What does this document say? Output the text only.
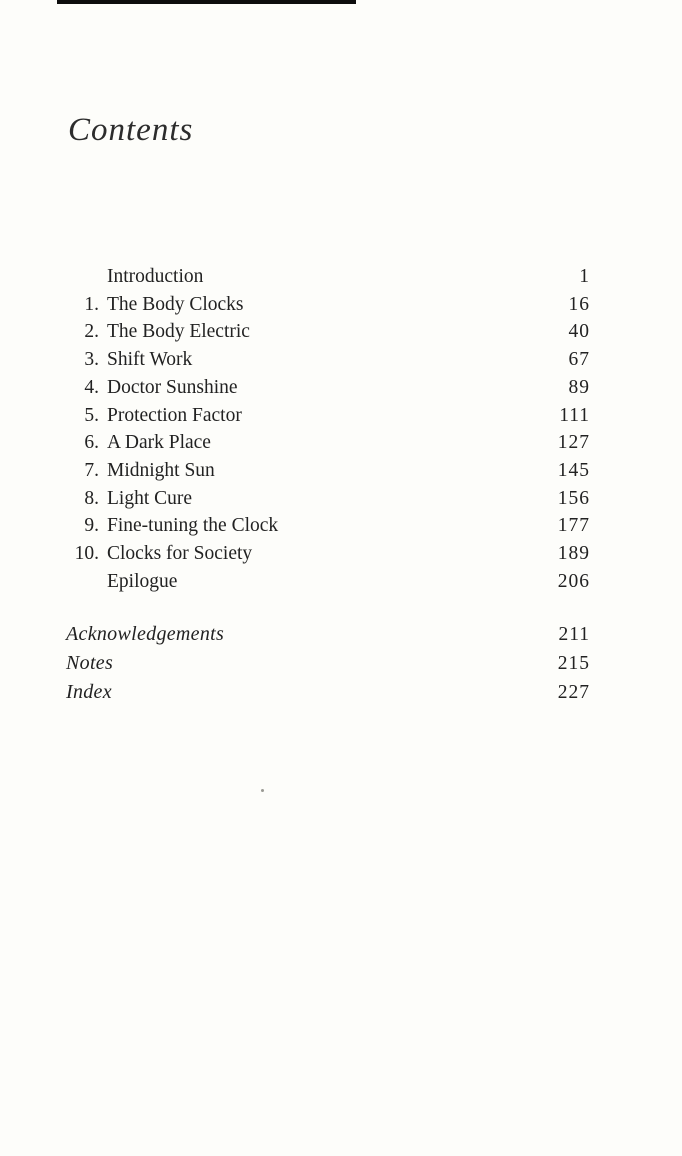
Contents
Introduction	1
1. The Body Clocks	16
2. The Body Electric	40
3. Shift Work	67
4. Doctor Sunshine	89
5. Protection Factor	111
6. A Dark Place	127
7. Midnight Sun	145
8. Light Cure	156
9. Fine-tuning the Clock	177
10. Clocks for Society	189
Epilogue	206
Acknowledgements	211
Notes	215
Index	227
